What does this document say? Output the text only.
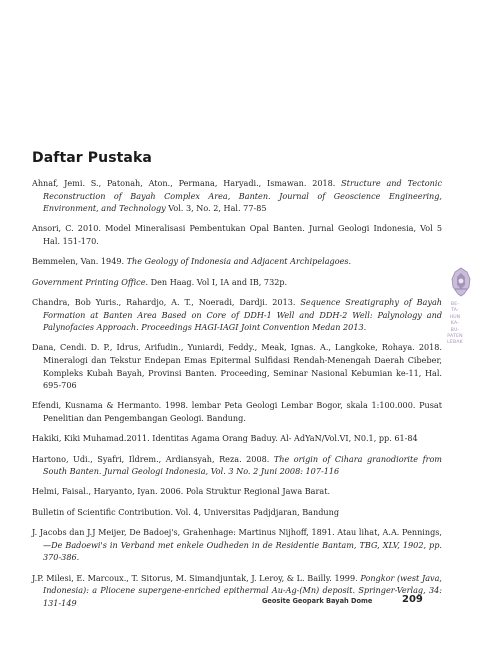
Daftar Pustaka
Ahnaf, Jemi. S., Patonah, Aton., Permana, Haryadi., Ismawan. 2018. Structure and Tectonic Reconstruction of Bayah Complex Area, Banten. Journal of Geoscience Engineering, Environment, and Technology Vol. 3, No. 2, Hal. 77-85
Ansori, C. 2010. Model Mineralisasi Pembentukan Opal Banten. Jurnal Geologi Indonesia, Vol 5 Hal. 151-170.
Bemmelen, Van. 1949. The Geology of Indonesia and Adjacent Archipelagoes.
Government Printing Office. Den Haag. Vol I, IA and IB, 732p.
Chandra, Bob Yuris., Rahardjo, A. T., Noeradi, Dardji. 2013. Sequence Sreatigraphy of Bayah Formation at Banten Area Based on Core of DDH-1 Well and DDH-2 Well: Palynology and Palynofacies Approach. Proceedings HAGI-IAGI Joint Convention Medan 2013.
Dana, Cendi. D. P., Idrus, Arifudin., Yuniardi, Feddy., Meak, Ignas. A., Langkoke, Rohaya. 2018. Mineralogi dan Tekstur Endepan Emas Epitermal Sulfidasi Rendah-Menengah Daerah Cibeber, Kompleks Kubah Bayah, Provinsi Banten. Proceeding, Seminar Nasional Kebumian ke-11, Hal. 695-706
Efendi, Kusnama & Hermanto. 1998. lembar Peta Geologi Lembar Bogor, skala 1:100.000. Pusat Penelitian dan Pengembangan Geologi. Bandung.
Hakiki, Kiki Muhamad.2011. Identitas Agama Orang Baduy. Al- AdYaN/Vol.VI, N0.1, pp. 61-84
Hartono, Udi., Syafri, Ildrem., Ardiansyah, Reza. 2008. The origin of Cihara granodiorite from South Banten. Jurnal Geologi Indonesia, Vol. 3 No. 2 Juni 2008: 107-116
Helmi, Faisal., Haryanto, Iyan. 2006. Pola Struktur Regional Jawa Barat.
Bulletin of Scientific Contribution. Vol. 4, Universitas Padjdjaran, Bandung
J. Jacobs dan J.J Meijer, De Badoej's, Grahenhage: Martinus Nijhoff, 1891. Atau lihat, A.A. Pennings, —De Badoewi's in Verband met enkele Oudheden in de Residentie Bantam, TBG, XLV, 1902, pp. 370-386.
J.P. Milesi, E. Marcoux., T. Sitorus, M. Simandjuntak, J. Leroy, & L. Bailly. 1999. Pongkor (west Java, Indonesia): a Pliocene supergene-enriched epithermal Au-Ag-(Mn) deposit. Springer-Verlag, 34: 131-149
BE-
TA-
HUN
KA-
BU-
PATEN
LEBAK
Geosite Geopark Bayah Dome	209
